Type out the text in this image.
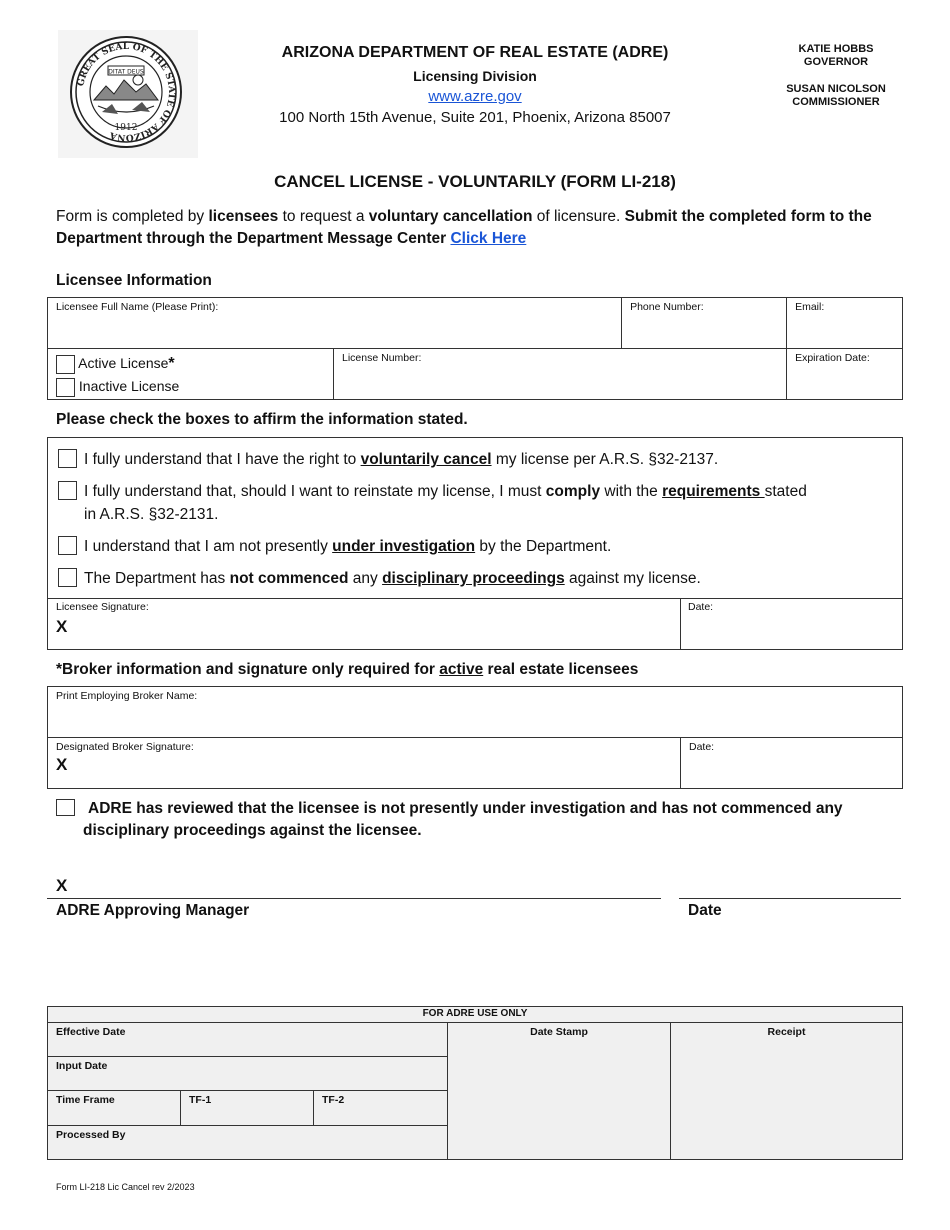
GREAT SEAL OF THE STATE OF ARIZONA
DITAT DEUS
1912
ARIZONA DEPARTMENT OF REAL ESTATE (ADRE)
Licensing Division
www.azre.gov
100 North 15th Avenue, Suite 201, Phoenix, Arizona 85007
KATIE HOBBS
GOVERNOR
SUSAN NICOLSON
COMMISSIONER
CANCEL LICENSE - VOLUNTARILY (FORM LI-218)
Form is completed by licensees to request a voluntary cancellation of licensure. Submit the completed form to the Department through the Department Message Center Click Here
Licensee Information
Licensee Full Name (Please Print):		Phone Number:	Email:

Active License*
Inactive License	License Number:		Expiration Date:
Please check the boxes to affirm the information stated.
I fully understand that I have the right to voluntarily cancel my license per A.R.S. §32-2137.
I fully understand that, should I want to reinstate my license, I must comply with the requirements stated
in A.R.S. §32-2131.
I understand that I am not presently under investigation by the Department.
The Department has not commenced any disciplinary proceedings against my license.
Licensee Signature:
X
Date:
*Broker information and signature only required for active real estate licensees
Print Employing Broker Name:
Designated Broker Signature:
X
	Date:
ADRE has reviewed that the licensee is not presently under investigation and has not commenced any
disciplinary proceedings against the licensee.
X
ADRE Approving Manager	Date
FOR ADRE USE ONLY				
Effective Date			Date Stamp	Receipt
Input Date				
Time Frame	TF-1	TF-2		
Processed By				
Form LI-218 Lic Cancel rev 2/2023
